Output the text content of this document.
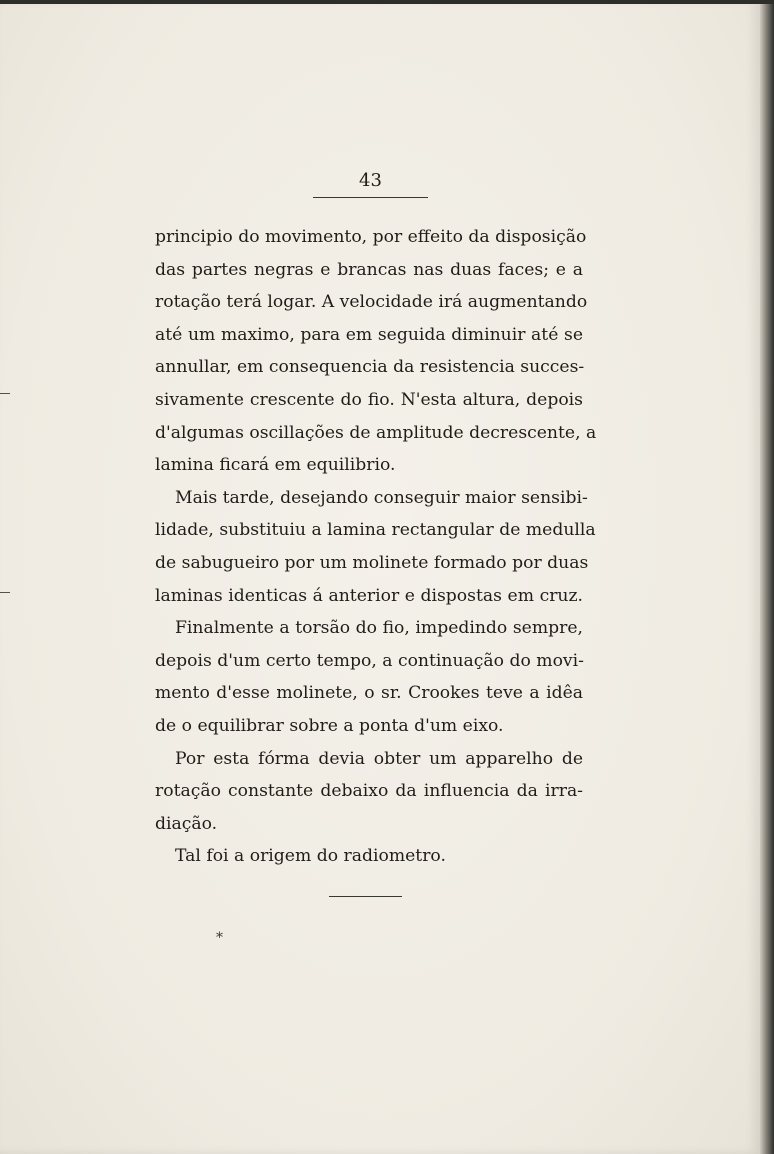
43

principio do movimento, por effeito da disposição
das partes negras e brancas nas duas faces; e a
rotação terá logar. A velocidade irá augmentando
até um maximo, para em seguida diminuir até se
annullar, em consequencia da resistencia succes-
sivamente crescente do fio. N'esta altura, depois
d'algumas oscillações de amplitude decrescente, a
lamina ficará em equilibrio.

Mais tarde, desejando conseguir maior sensibi-
lidade, substituiu a lamina rectangular de medulla
de sabugueiro por um molinete formado por duas
laminas identicas á anterior e dispostas em cruz.

Finalmente a torsão do fio, impedindo sempre,
depois d'um certo tempo, a continuação do movi-
mento d'esse molinete, o sr. Crookes teve a idêa
de o equilibrar sobre a ponta d'um eixo.

Por esta fórma devia obter um apparelho de
rotação constante debaixo da influencia da irra-
diação.

Tal foi a origem do radiometro.

*
